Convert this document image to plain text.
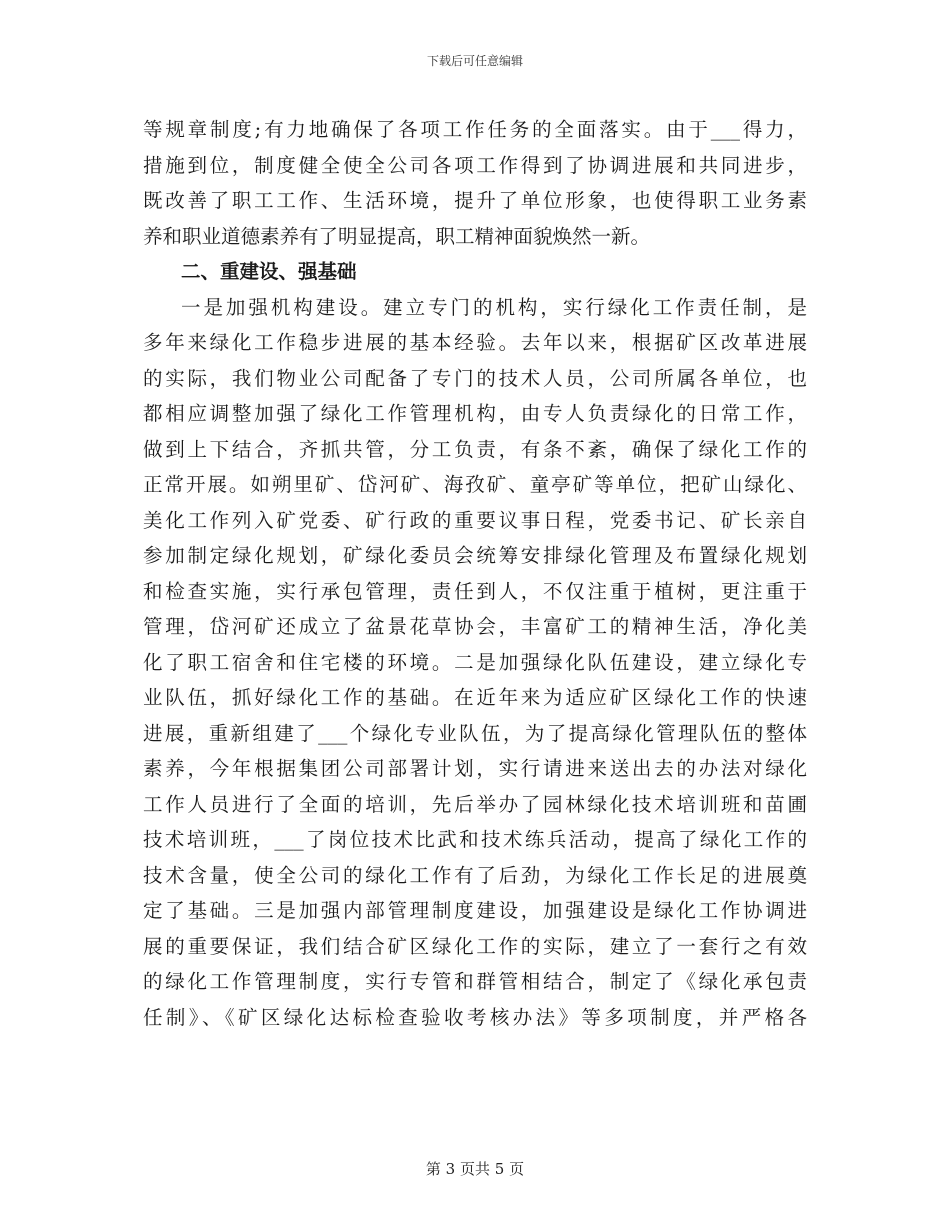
下载后可任意编辑
等规章制度;有力地确保了各项工作任务的全面落实。由于___得力，
措施到位，制度健全使全公司各项工作得到了协调进展和共同进步，
既改善了职工工作、生活环境，提升了单位形象，也使得职工业务素
养和职业道德素养有了明显提高，职工精神面貌焕然一新。
二、重建设、强基础
一是加强机构建设。建立专门的机构，实行绿化工作责任制，是
多年来绿化工作稳步进展的基本经验。去年以来，根据矿区改革进展
的实际，我们物业公司配备了专门的技术人员，公司所属各单位，也
都相应调整加强了绿化工作管理机构，由专人负责绿化的日常工作，
做到上下结合，齐抓共管，分工负责，有条不紊，确保了绿化工作的
正常开展。如朔里矿、岱河矿、海孜矿、童亭矿等单位，把矿山绿化、
美化工作列入矿党委、矿行政的重要议事日程，党委书记、矿长亲自
参加制定绿化规划，矿绿化委员会统筹安排绿化管理及布置绿化规划
和检查实施，实行承包管理，责任到人，不仅注重于植树，更注重于
管理，岱河矿还成立了盆景花草协会，丰富矿工的精神生活，净化美
化了职工宿舍和住宅楼的环境。二是加强绿化队伍建设，建立绿化专
业队伍，抓好绿化工作的基础。在近年来为适应矿区绿化工作的快速
进展，重新组建了___个绿化专业队伍，为了提高绿化管理队伍的整体
素养，今年根据集团公司部署计划，实行请进来送出去的办法对绿化
工作人员进行了全面的培训，先后举办了园林绿化技术培训班和苗圃
技术培训班，___了岗位技术比武和技术练兵活动，提高了绿化工作的
技术含量，使全公司的绿化工作有了后劲，为绿化工作长足的进展奠
定了基础。三是加强内部管理制度建设，加强建设是绿化工作协调进
展的重要保证，我们结合矿区绿化工作的实际，建立了一套行之有效
的绿化工作管理制度，实行专管和群管相结合，制定了《绿化承包责
任制》、《矿区绿化达标检查验收考核办法》等多项制度，并严格各
第 3 页共 5 页
